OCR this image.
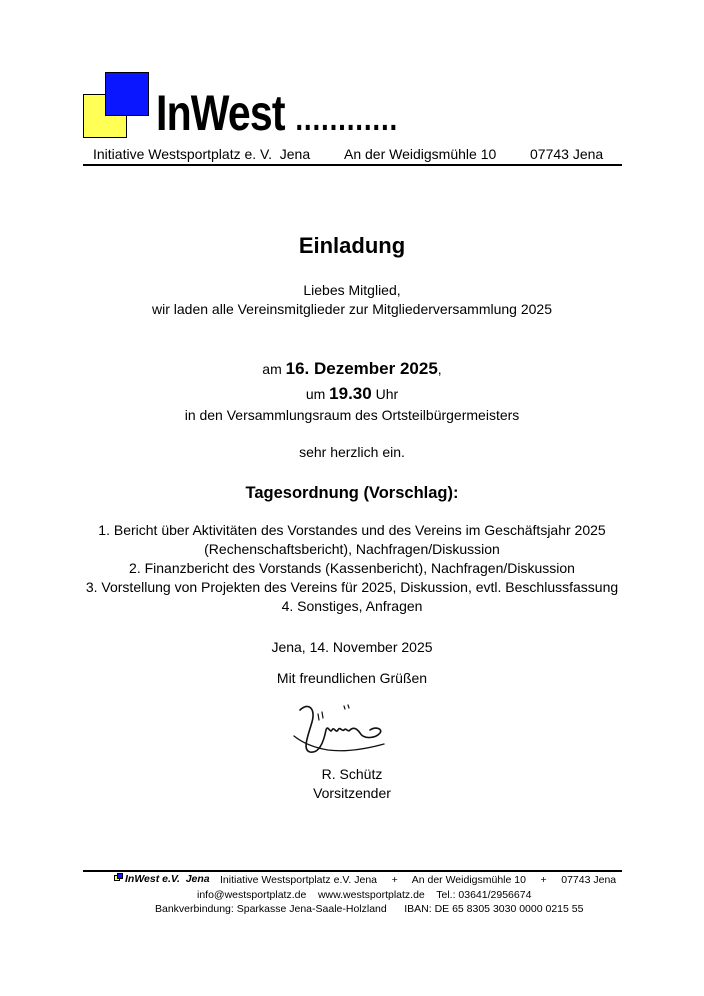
InWest ............
Initiative Westsportplatz e. V.  Jena An der Weidigsmühle 10 07743 Jena
Einladung
Liebes Mitglied,
wir laden alle Vereinsmitglieder zur Mitgliederversammlung 2025
am 16. Dezember 2025,
um 19.30 Uhr
in den Versammlungsraum des Ortsteilbürgermeisters
sehr herzlich ein.
Tagesordnung (Vorschlag):
1. Bericht über Aktivitäten des Vorstandes und des Vereins im Geschäftsjahr 2025
(Rechenschaftsbericht), Nachfragen/Diskussion
2. Finanzbericht des Vorstands (Kassenbericht), Nachfragen/Diskussion
3. Vorstellung von Projekten des Vereins für 2025, Diskussion, evtl. Beschlussfassung
4. Sonstiges, Anfragen
Jena, 14. November 2025
Mit freundlichen Grüßen
R. Schütz
Vorsitzender
InWest e.V.  Jena Initiative Westsportplatz e.V. Jena     +     An der Weidigsmühle 10     +     07743 Jena
info@westsportplatz.de    www.westsportplatz.de    Tel.: 03641/2956674
Bankverbindung: Sparkasse Jena-Saale-Holzland      IBAN: DE 65 8305 3030 0000 0215 55
